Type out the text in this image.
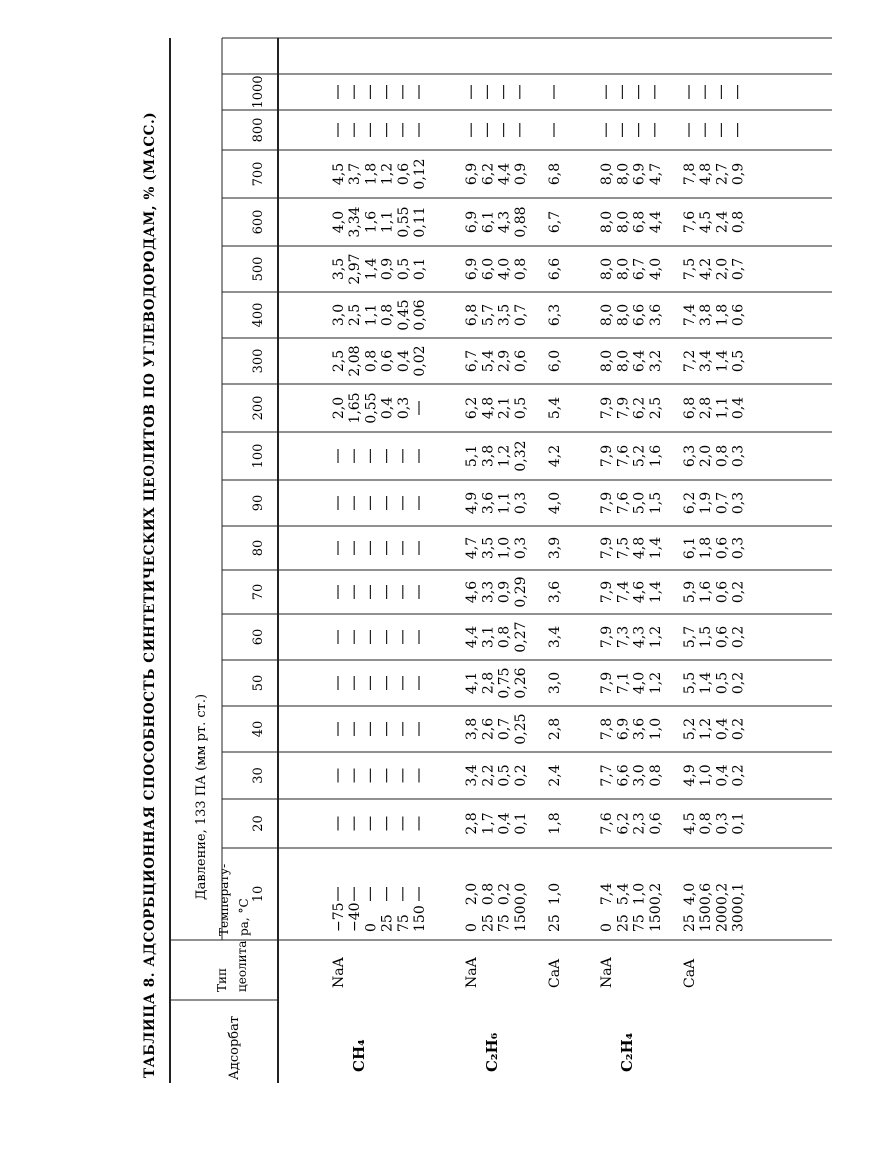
ТАБЛИЦА 8. АДСОРБЦИОННАЯ СПОСОБНОСТЬ СИНТЕТИЧЕСКИХ ЦЕОЛИТОВ ПО УГЛЕВОДОРОДАМ, % (МАСС.)	Адсорбат
Тип цеолита
Температу- ра, °С
Давление, 133 ПА (мм рт. ст.)	10
20
30
40
50
60
70
80
90
100
200
300
400
500
600
700
800
1000
NaA
−75
2,0
2,5
3,0
3,5
4,0
4,5
−40
1,65
2,08
2,5
2,97
3,34
3,7
0
0,55
0,8
1,1
1,4
1,6
1,8
25
0,4
0,6
0,8
0,9
1,1
1,2
75
0,3
0,4
0,45
0,5
0,55
0,6
150
0,02
0,06
0,1
0,11
0,12
CH₄
NaA
0
2,0
2,8
3,4
3,8
4,1
4,4
4,6
4,7
4,9
5,1
6,2
6,7
6,8
6,9
6,9
6,9
25
0,8
1,7
2,2
2,6
2,8
3,1
3,3
3,5
3,6
3,8
4,8
5,4
5,7
6,0
6,1
6,2
75
0,2
0,4
0,5
0,7
0,75
0,8
0,9
1,0
1,1
1,2
2,1
2,9
3,5
4,0
4,3
4,4
150
0,0
0,1
0,2
0,25
0,26
0,27
0,29
0,3
0,3
0,32
0,5
0,6
0,7
0,8
0,88
0,9
CaA
25
1,0
1,8
2,4
2,8
3,0
3,4
3,6
3,9
4,0
4,2
5,4
6,0
6,3
6,6
6,7
6,8
C₂H₆
NaA
0
7,4
7,6
7,7
7,8
7,9
7,9
7,9
7,9
7,9
7,9
7,9
8,0
8,0
8,0
8,0
8,0
25
5,4
6,2
6,6
6,9
7,1
7,3
7,4
7,5
7,6
7,6
7,9
8,0
8,0
8,0
8,0
8,0
75
1,0
2,3
3,0
3,6
4,0
4,3
4,6
4,8
5,0
5,2
6,2
6,4
6,6
6,7
6,8
6,9
150
0,2
0,6
0,8
1,0
1,2
1,2
1,4
1,4
1,5
1,6
2,5
3,2
3,6
4,0
4,4
4,7
CaA
25
4,0
4,5
4,9
5,2
5,5
5,7
5,9
6,1
6,2
6,3
6,8
7,2
7,4
7,5
7,6
7,8
150
0,6
0,8
1,0
1,2
1,4
1,5
1,6
1,8
1,9
2,0
2,8
3,4
3,8
4,2
4,5
4,8
200
0,2
0,3
0,4
0,4
0,5
0,6
0,6
0,6
0,7
0,8
1,1
1,4
1,8
2,0
2,4
2,7
300
0,1
0,1
0,2
0,2
0,2
0,2
0,2
0,3
0,3
0,3
0,4
0,5
0,6
0,7
0,8
0,9
C₂H₄
